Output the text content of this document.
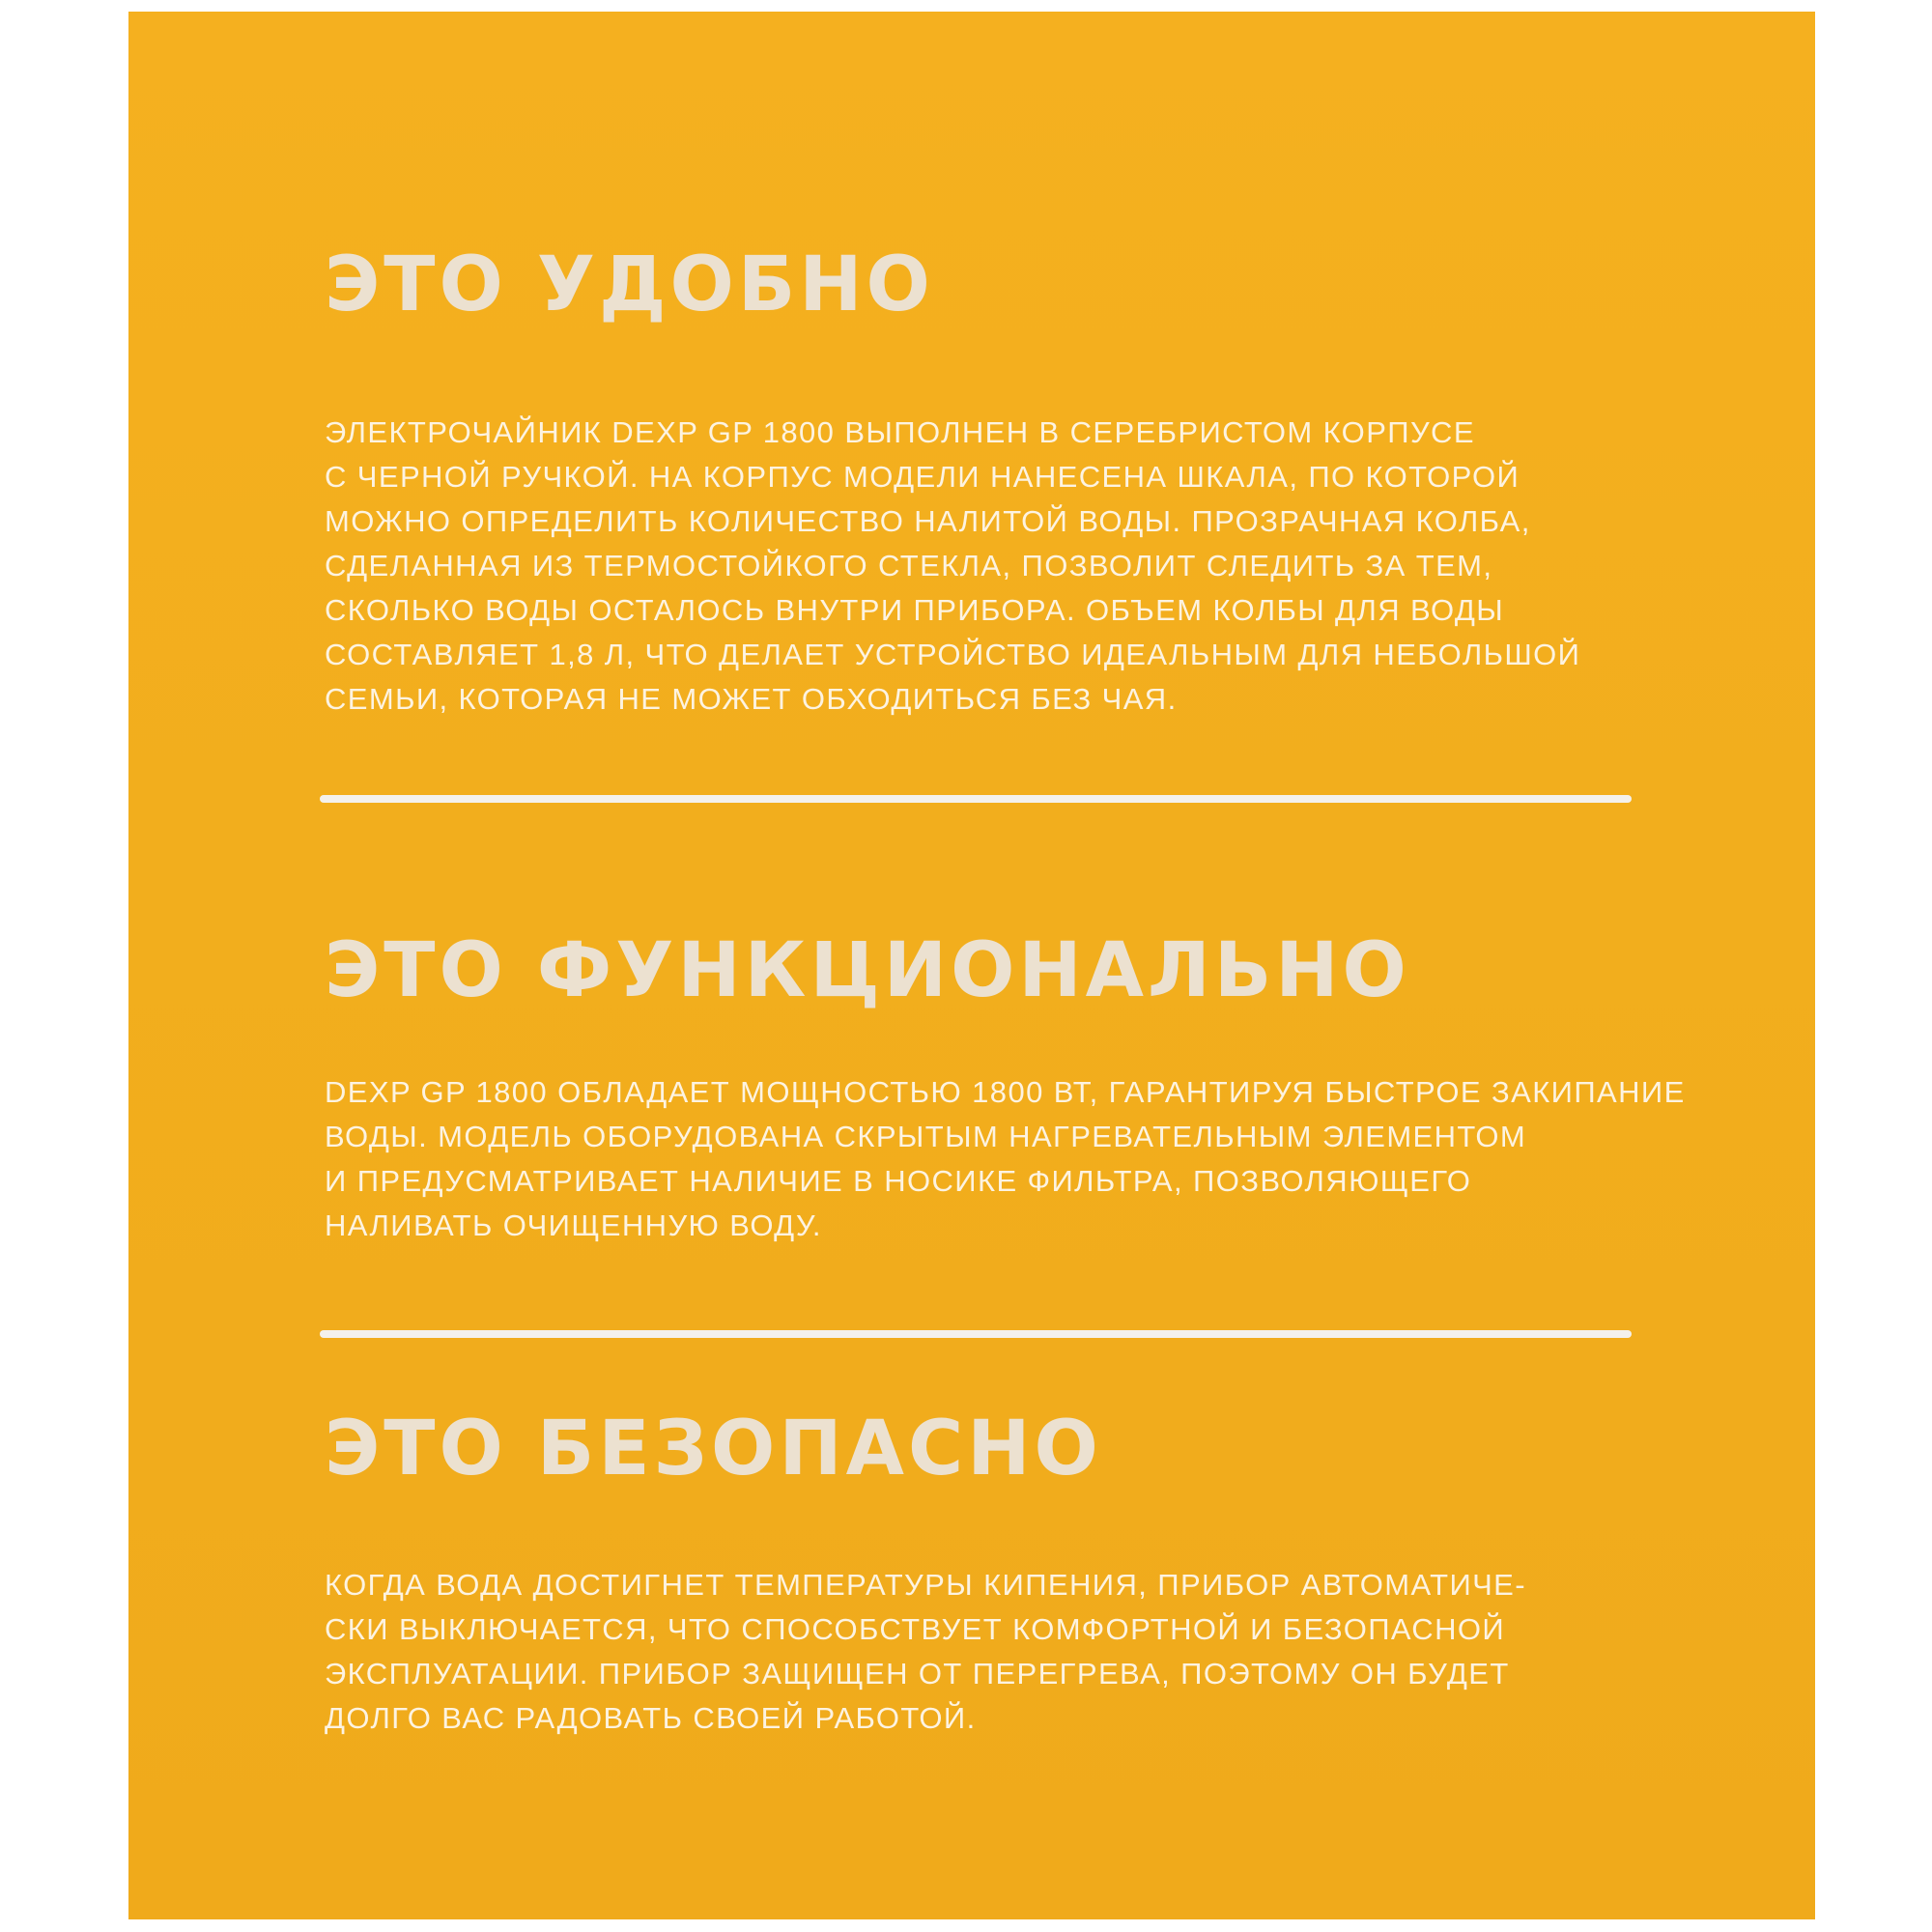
ЭТО УДОБНО

ЭЛЕКТРОЧАЙНИК DEXP GP 1800 ВЫПОЛНЕН В СЕРЕБРИСТОМ КОРПУСЕ
С ЧЕРНОЙ РУЧКОЙ. НА КОРПУС МОДЕЛИ НАНЕСЕНА ШКАЛА, ПО КОТОРОЙ
МОЖНО ОПРЕДЕЛИТЬ КОЛИЧЕСТВО НАЛИТОЙ ВОДЫ. ПРОЗРАЧНАЯ КОЛБА,
СДЕЛАННАЯ ИЗ ТЕРМОСТОЙКОГО СТЕКЛА, ПОЗВОЛИТ СЛЕДИТЬ ЗА ТЕМ,
СКОЛЬКО ВОДЫ ОСТАЛОСЬ ВНУТРИ ПРИБОРА. ОБЪЕМ КОЛБЫ ДЛЯ ВОДЫ
СОСТАВЛЯЕТ 1,8 Л, ЧТО ДЕЛАЕТ УСТРОЙСТВО ИДЕАЛЬНЫМ ДЛЯ НЕБОЛЬШОЙ
СЕМЬИ, КОТОРАЯ НЕ МОЖЕТ ОБХОДИТЬСЯ БЕЗ ЧАЯ.

ЭТО ФУНКЦИОНАЛЬНО

DEXP GP 1800 ОБЛАДАЕТ МОЩНОСТЬЮ 1800 ВТ, ГАРАНТИРУЯ БЫСТРОЕ ЗАКИПАНИЕ
ВОДЫ. МОДЕЛЬ ОБОРУДОВАНА СКРЫТЫМ НАГРЕВАТЕЛЬНЫМ ЭЛЕМЕНТОМ
И ПРЕДУСМАТРИВАЕТ НАЛИЧИЕ В НОСИКЕ ФИЛЬТРА, ПОЗВОЛЯЮЩЕГО
НАЛИВАТЬ ОЧИЩЕННУЮ ВОДУ.

ЭТО БЕЗОПАСНО

КОГДА ВОДА ДОСТИГНЕТ ТЕМПЕРАТУРЫ КИПЕНИЯ, ПРИБОР АВТОМАТИЧЕ-
СКИ ВЫКЛЮЧАЕТСЯ, ЧТО СПОСОБСТВУЕТ КОМФОРТНОЙ И БЕЗОПАСНОЙ
ЭКСПЛУАТАЦИИ. ПРИБОР ЗАЩИЩЕН ОТ ПЕРЕГРЕВА, ПОЭТОМУ ОН БУДЕТ
ДОЛГО ВАС РАДОВАТЬ СВОЕЙ РАБОТОЙ.
